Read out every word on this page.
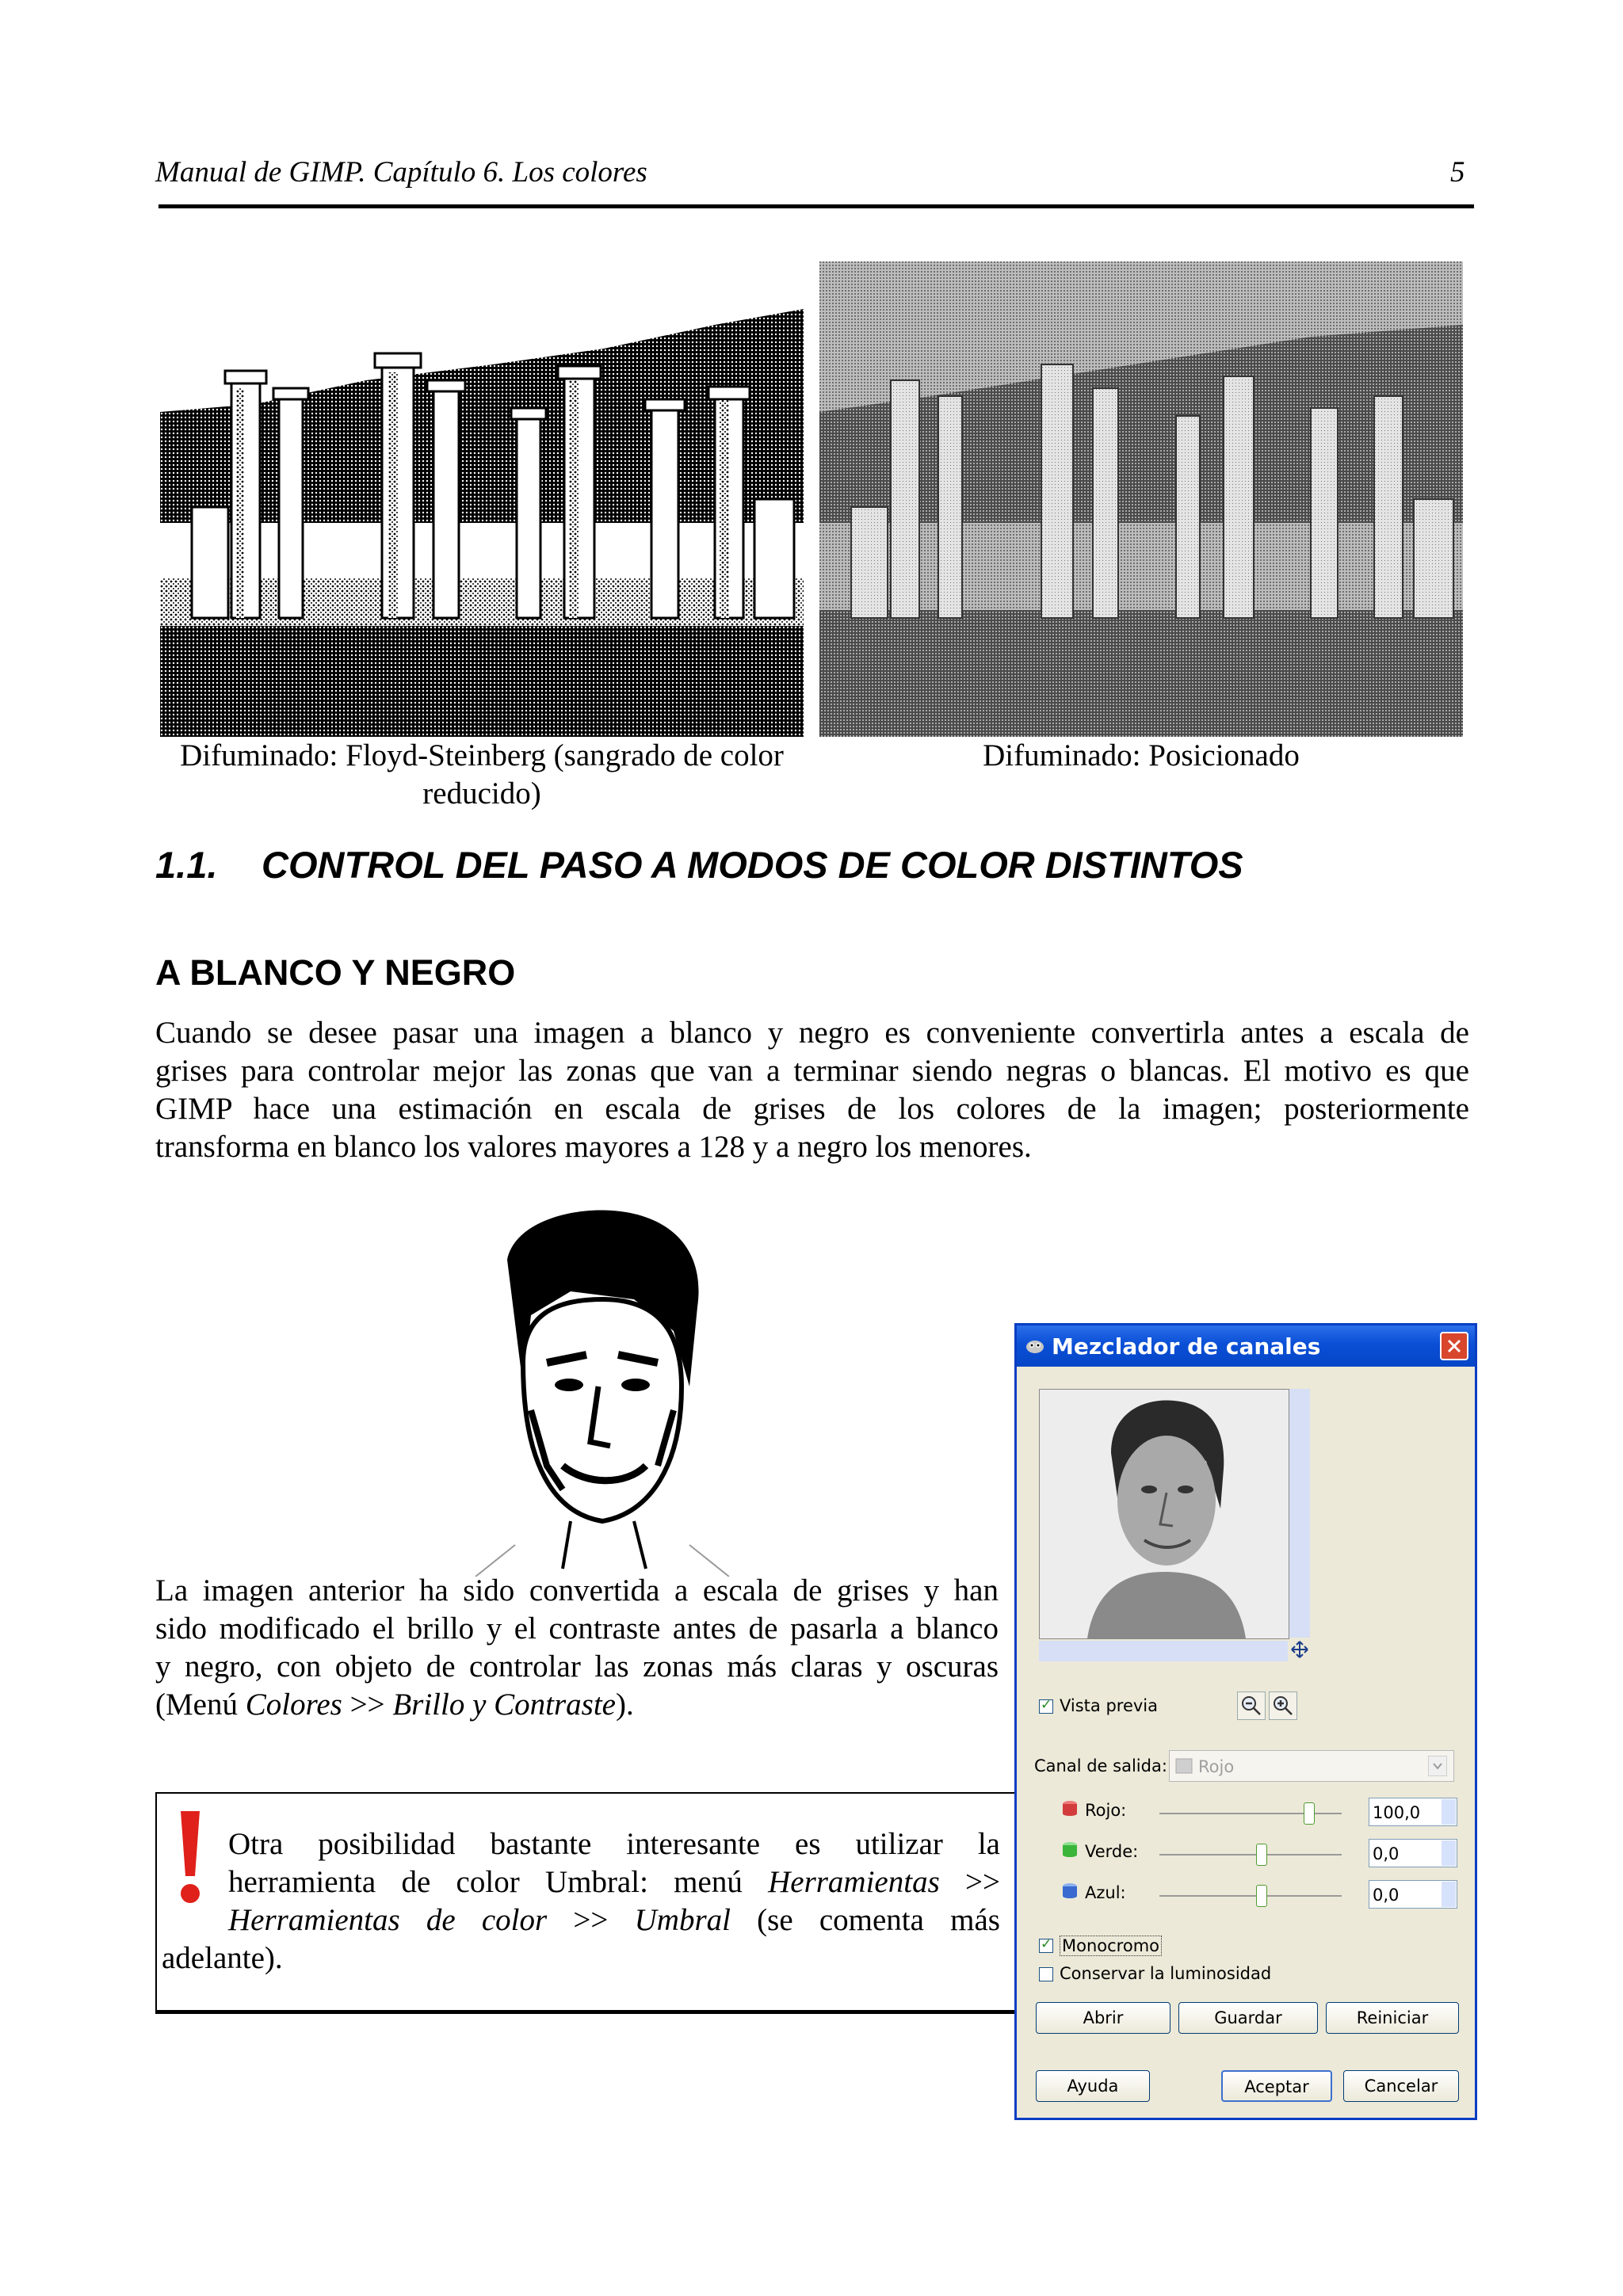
Manual de GIMP. Capítulo 6. Los colores	5
Difuminado: Floyd-Steinberg (sangrado de color
reducido)
Difuminado: Posicionado
1.1. CONTROL DEL PASO A MODOS DE COLOR DISTINTOS
A BLANCO Y NEGRO
Cuando se desee pasar una imagen a blanco y negro es conveniente convertirla antes a escala de
grises para controlar mejor las zonas que van a terminar siendo negras o blancas. El motivo es que
GIMP hace una estimación en escala de grises de los colores de la imagen; posteriormente
transforma en blanco los valores mayores a 128 y a negro los menores.
La imagen anterior ha sido convertida a escala de grises y han
sido modificado el brillo y el contraste antes de pasarla a blanco
y negro, con objeto de controlar las zonas más claras y oscuras
(Menú Colores >> Brillo y Contraste).
Otra posibilidad bastante interesante es utilizar la
herramienta de color Umbral: menú Herramientas >>
Herramientas de color >> Umbral (se comenta más
adelante).
Mezclador de canales
✓
Vista previa
Canal de salida: Rojo
Rojo:	100,0
Verde:	0,0
Azul:	0,0
✓
Monocromo
Conservar la luminosidad
Abrir	Guardar	Reiniciar
Ayuda	Aceptar	Cancelar
